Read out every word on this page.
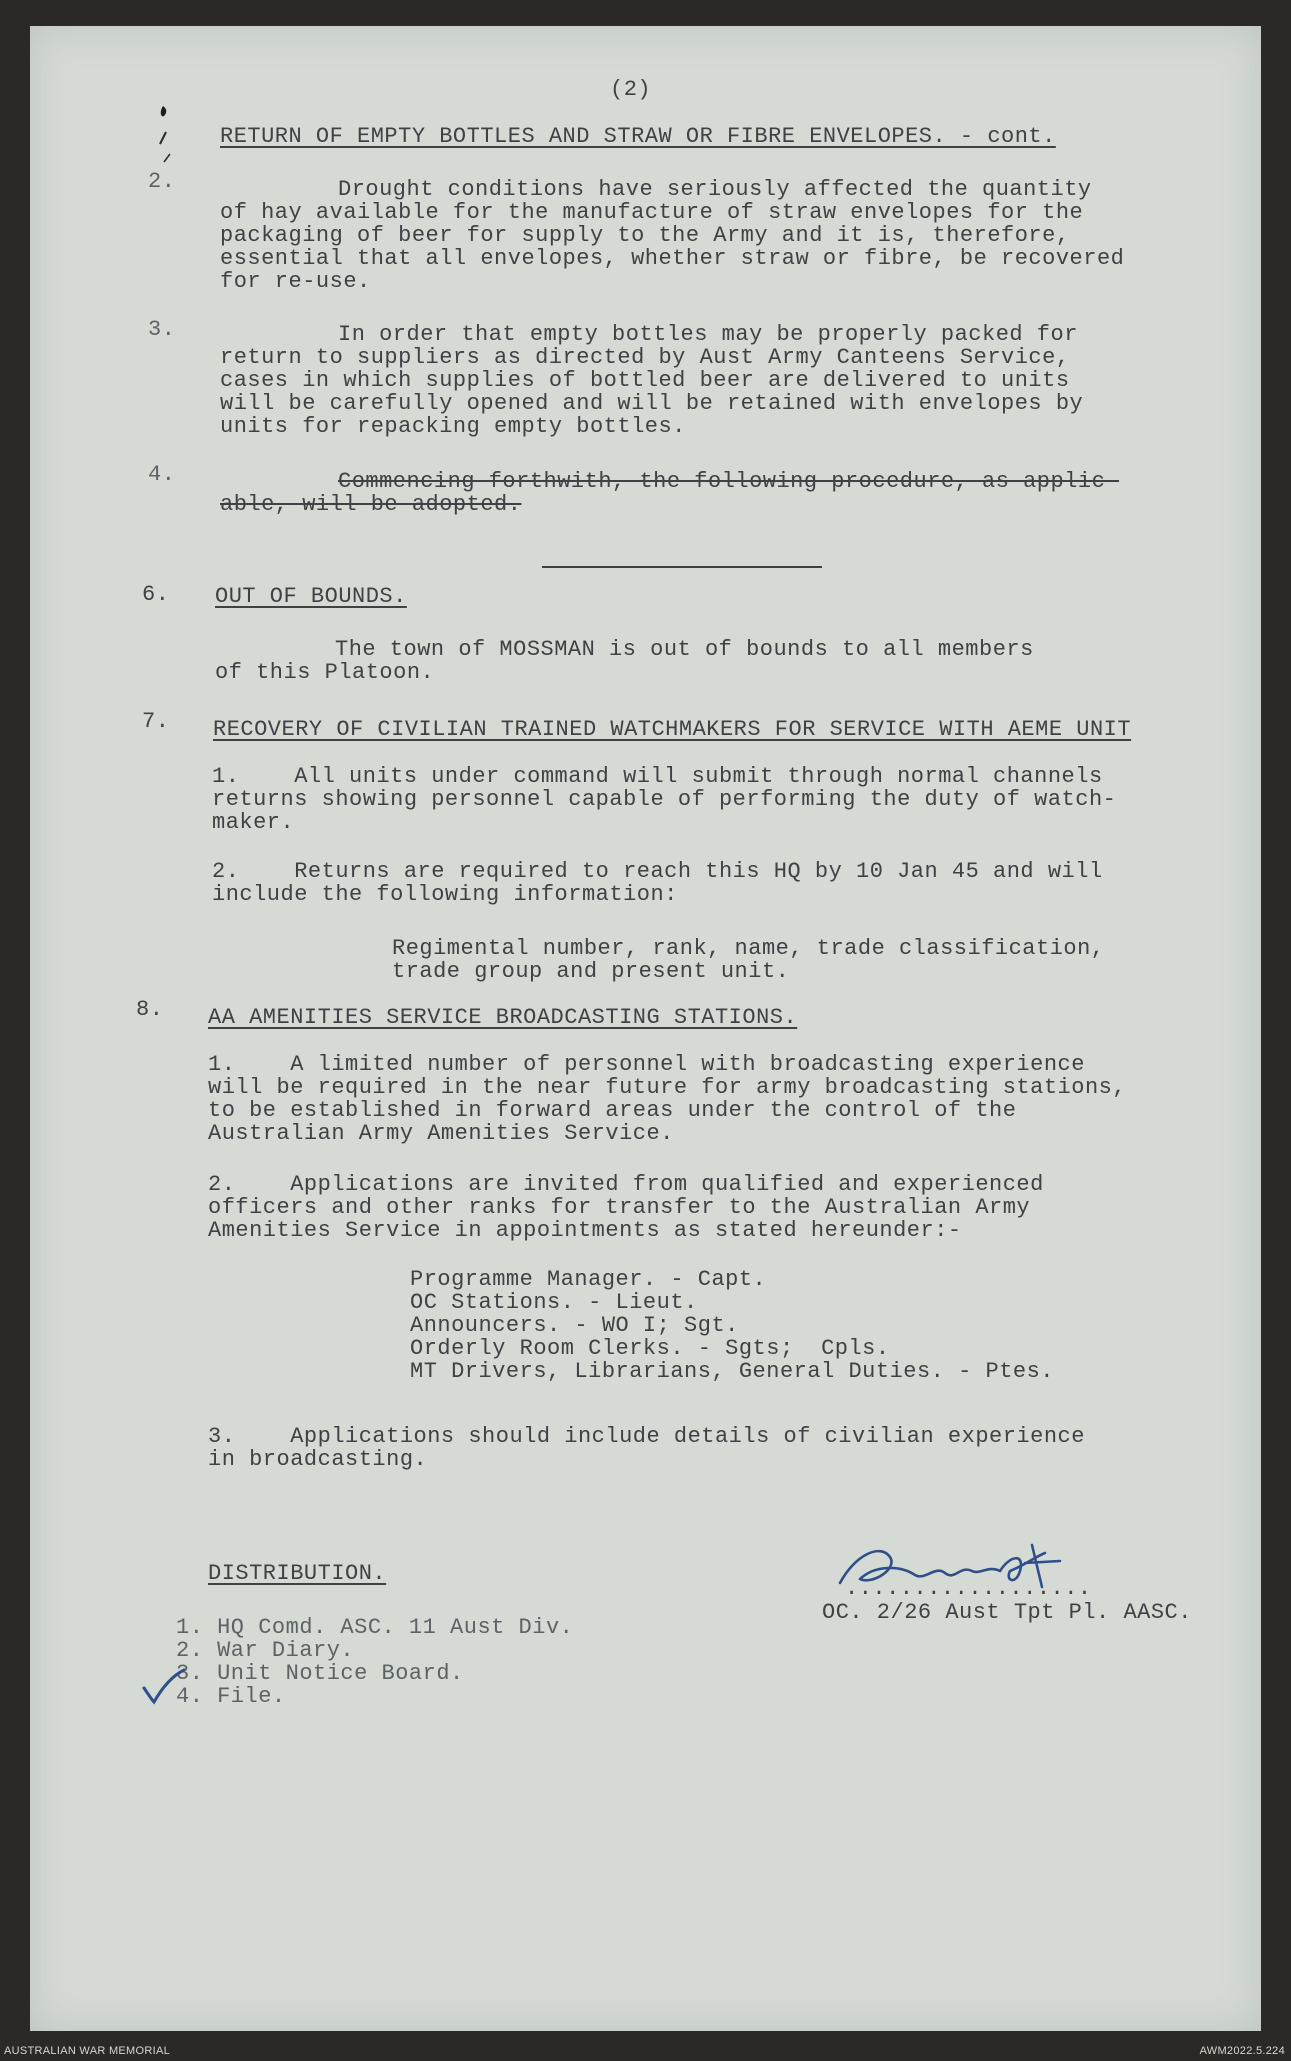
(2)
RETURN OF EMPTY BOTTLES AND STRAW OR FIBRE ENVELOPES. - cont.
2.	Drought conditions have seriously affected the quantity
of hay available for the manufacture of straw envelopes for the
packaging of beer for supply to the Army and it is, therefore,
essential that all envelopes, whether straw or fibre, be recovered
for re-use.
3.	In order that empty bottles may be properly packed for
return to suppliers as directed by Aust Army Canteens Service,
cases in which supplies of bottled beer are delivered to units
will be carefully opened and will be retained with envelopes by
units for repacking empty bottles.
4.	Commencing forthwith, the following procedure, as applic-
able, will be adopted.
6. OUT OF BOUNDS.
The town of MOSSMAN is out of bounds to all members
of this Platoon.
7. RECOVERY OF CIVILIAN TRAINED WATCHMAKERS FOR SERVICE WITH AEME UNIT
1.    All units under command will submit through normal channels
returns showing personnel capable of performing the duty of watch-
maker.
2.    Returns are required to reach this HQ by 10 Jan 45 and will
include the following information:
Regimental number, rank, name, trade classification,
trade group and present unit.
8. AA AMENITIES SERVICE BROADCASTING STATIONS.
1.    A limited number of personnel with broadcasting experience
will be required in the near future for army broadcasting stations,
to be established in forward areas under the control of the
Australian Army Amenities Service.
2.    Applications are invited from qualified and experienced
officers and other ranks for transfer to the Australian Army
Amenities Service in appointments as stated hereunder:-
Programme Manager. - Capt.
OC Stations. - Lieut.
Announcers. - WO I; Sgt.
Orderly Room Clerks. - Sgts;  Cpls.
MT Drivers, Librarians, General Duties. - Ptes.
3.    Applications should include details of civilian experience
in broadcasting.
DISTRIBUTION.
1. HQ Comd. ASC. 11 Aust Div.
2. War Diary.
3. Unit Notice Board.
4. File.
..................
OC. 2/26 Aust Tpt Pl. AASC.
AUSTRALIAN WAR MEMORIAL	AWM2022.5.224
